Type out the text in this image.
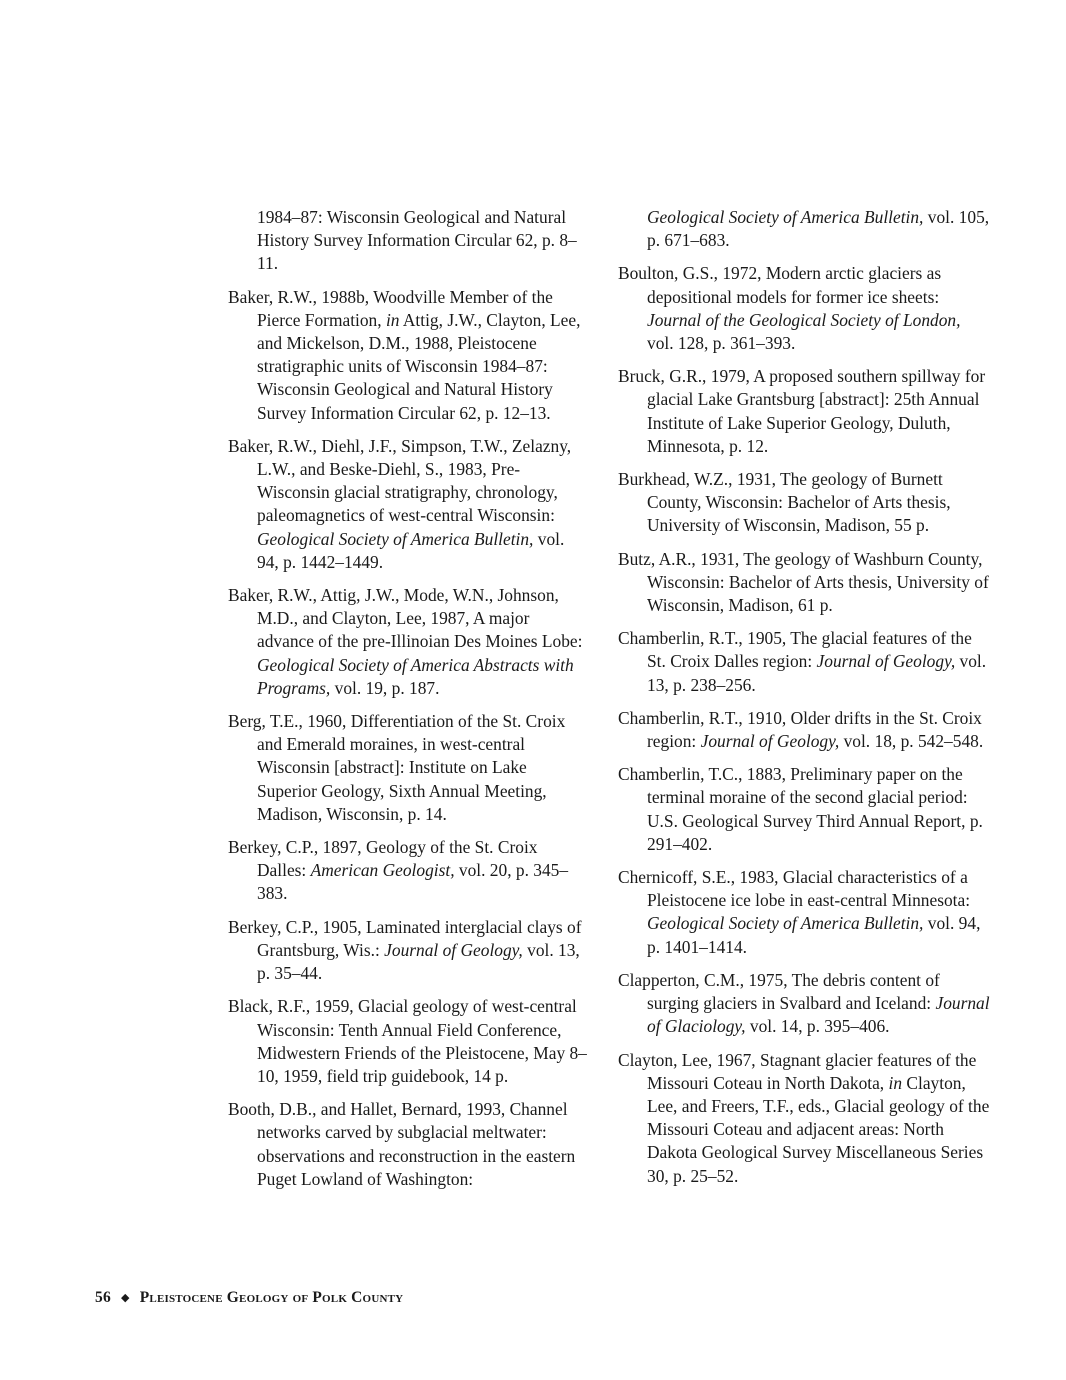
1984–87: Wisconsin Geological and Natural History Survey Information Circular 62, p. 8–11.

Baker, R.W., 1988b, Woodville Member of the Pierce Formation, in Attig, J.W., Clayton, Lee, and Mickelson, D.M., 1988, Pleistocene stratigraphic units of Wisconsin 1984–87: Wisconsin Geological and Natural History Survey Information Circular 62, p. 12–13.

Baker, R.W., Diehl, J.F., Simpson, T.W., Zelazny, L.W., and Beske-Diehl, S., 1983, Pre-Wisconsin glacial stratigraphy, chronology, paleomagnetics of west-central Wisconsin: Geological Society of America Bulletin, vol. 94, p. 1442–1449.

Baker, R.W., Attig, J.W., Mode, W.N., Johnson, M.D., and Clayton, Lee, 1987, A major advance of the pre-Illinoian Des Moines Lobe: Geological Society of America Abstracts with Programs, vol. 19, p. 187.

Berg, T.E., 1960, Differentiation of the St. Croix and Emerald moraines, in west-central Wisconsin [abstract]: Institute on Lake Superior Geology, Sixth Annual Meeting, Madison, Wisconsin, p. 14.

Berkey, C.P., 1897, Geology of the St. Croix Dalles: American Geologist, vol. 20, p. 345–383.

Berkey, C.P., 1905, Laminated interglacial clays of Grantsburg, Wis.: Journal of Geology, vol. 13, p. 35–44.

Black, R.F., 1959, Glacial geology of west-central Wisconsin: Tenth Annual Field Conference, Midwestern Friends of the Pleistocene, May 8–10, 1959, field trip guidebook, 14 p.

Booth, D.B., and Hallet, Bernard, 1993, Channel networks carved by subglacial meltwater: observations and reconstruction in the eastern Puget Lowland of Washington:

Geological Society of America Bulletin, vol. 105, p. 671–683.

Boulton, G.S., 1972, Modern arctic glaciers as depositional models for former ice sheets: Journal of the Geological Society of London, vol. 128, p. 361–393.

Bruck, G.R., 1979, A proposed southern spillway for glacial Lake Grantsburg [abstract]: 25th Annual Institute of Lake Superior Geology, Duluth, Minnesota, p. 12.

Burkhead, W.Z., 1931, The geology of Burnett County, Wisconsin: Bachelor of Arts thesis, University of Wisconsin, Madison, 55 p.

Butz, A.R., 1931, The geology of Washburn County, Wisconsin: Bachelor of Arts thesis, University of Wisconsin, Madison, 61 p.

Chamberlin, R.T., 1905, The glacial features of the St. Croix Dalles region: Journal of Geology, vol. 13, p. 238–256.

Chamberlin, R.T., 1910, Older drifts in the St. Croix region: Journal of Geology, vol. 18, p. 542–548.

Chamberlin, T.C., 1883, Preliminary paper on the terminal moraine of the second glacial period: U.S. Geological Survey Third Annual Report, p. 291–402.

Chernicoff, S.E., 1983, Glacial characteristics of a Pleistocene ice lobe in east-central Minnesota: Geological Society of America Bulletin, vol. 94, p. 1401–1414.

Clapperton, C.M., 1975, The debris content of surging glaciers in Svalbard and Iceland: Journal of Glaciology, vol. 14, p. 395–406.

Clayton, Lee, 1967, Stagnant glacier features of the Missouri Coteau in North Dakota, in Clayton, Lee, and Freers, T.F., eds., Glacial geology of the Missouri Coteau and adjacent areas: North Dakota Geological Survey Miscellaneous Series 30, p. 25–52.

56 ◆ Pleistocene Geology of Polk County
